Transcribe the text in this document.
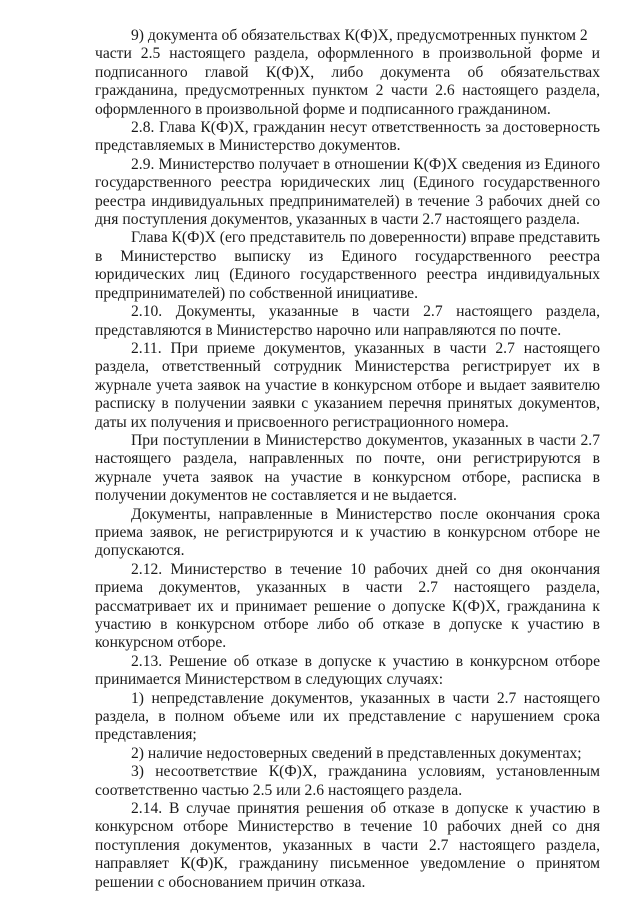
9) документа об обязательствах К(Ф)Х, предусмотренных пунктом 2
части 2.5 настоящего раздела, оформленного в произвольной форме и подписанного главой К(Ф)Х, либо документа об обязательствах гражданина, предусмотренных пунктом 2 части 2.6 настоящего раздела, оформленного в произвольной форме и подписанного гражданином.

2.8. Глава К(Ф)Х, гражданин несут ответственность за достоверность представляемых в Министерство документов.

2.9. Министерство получает в отношении К(Ф)Х сведения из Единого государственного реестра юридических лиц (Единого государственного реестра индивидуальных предпринимателей) в течение 3 рабочих дней со дня поступления документов, указанных в части 2.7 настоящего раздела.

Глава К(Ф)Х (его представитель по доверенности) вправе представить в Министерство выписку из Единого государственного реестра юридических лиц (Единого государственного реестра индивидуальных предпринимателей) по собственной инициативе.

2.10. Документы, указанные в части 2.7 настоящего раздела, представляются в Министерство нарочно или направляются по почте.

2.11. При приеме документов, указанных в части 2.7 настоящего раздела, ответственный сотрудник Министерства регистрирует их в журнале учета заявок на участие в конкурсном отборе и выдает заявителю расписку в получении заявки с указанием перечня принятых документов, даты их получения и присвоенного регистрационного номера.

При поступлении в Министерство документов, указанных в части 2.7 настоящего раздела, направленных по почте, они регистрируются в журнале учета заявок на участие в конкурсном отборе, расписка в получении документов не составляется и не выдается.

Документы, направленные в Министерство после окончания срока приема заявок, не регистрируются и к участию в конкурсном отборе не допускаются.

2.12. Министерство в течение 10 рабочих дней со дня окончания приема документов, указанных в части 2.7 настоящего раздела, рассматривает их и принимает решение о допуске К(Ф)Х, гражданина к участию в конкурсном отборе либо об отказе в допуске к участию в конкурсном отборе.

2.13. Решение об отказе в допуске к участию в конкурсном отборе принимается Министерством в следующих случаях:

1) непредставление документов, указанных в части 2.7 настоящего раздела, в полном объеме или их представление с нарушением срока представления;

2) наличие недостоверных сведений в представленных документах;

3) несоответствие К(Ф)Х, гражданина условиям, установленным соответственно частью 2.5 или 2.6 настоящего раздела.

2.14. В случае принятия решения об отказе в допуске к участию в конкурсном отборе Министерство в течение 10 рабочих дней со дня поступления документов, указанных в части 2.7 настоящего раздела, направляет К(Ф)К, гражданину письменное уведомление о принятом решении с обоснованием причин отказа.
